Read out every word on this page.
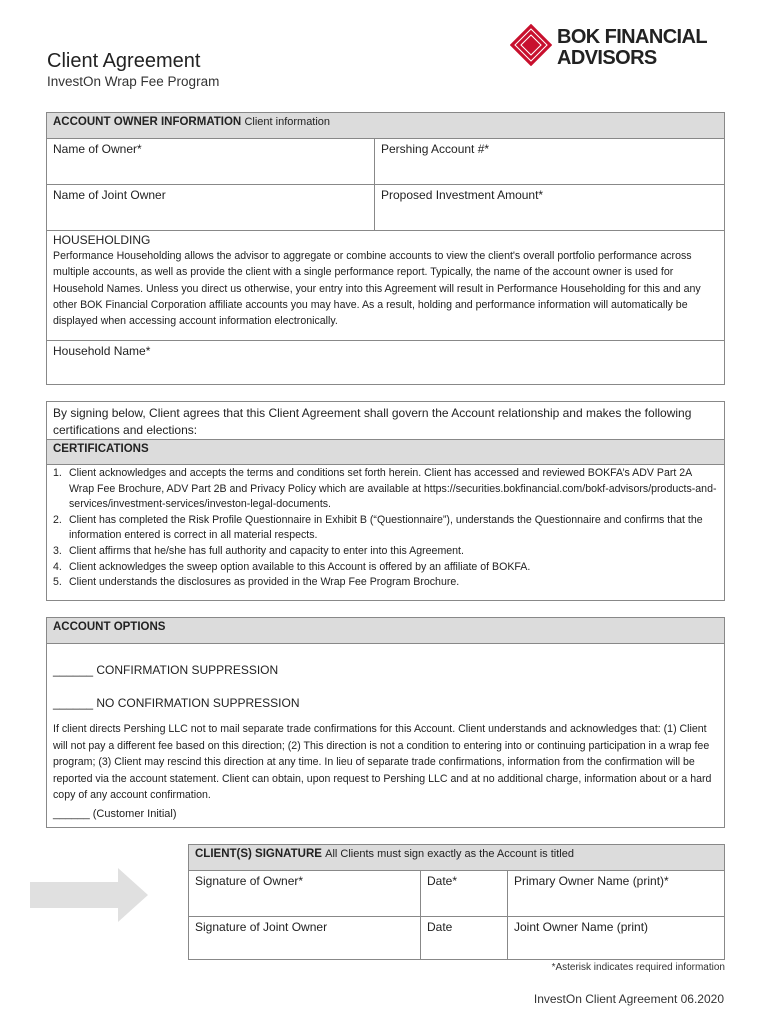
Client Agreement
InvestOn Wrap Fee Program
BOK FINANCIAL
ADVISORS
ACCOUNT OWNER INFORMATION Client information
Name of Owner*	Pershing Account #*
Name of Joint Owner	Proposed Investment Amount*
HOUSEHOLDING
Performance Householding allows the advisor to aggregate or combine accounts to view the client's overall portfolio performance across multiple accounts, as well as provide the client with a single performance report. Typically, the name of the account owner is used for Household Names. Unless you direct us otherwise, your entry into this Agreement will result in Performance Householding for this and any other BOK Financial Corporation affiliate accounts you may have. As a result, holding and performance information will automatically be displayed when accessing account information electronically.
Household Name*
By signing below, Client agrees that this Client Agreement shall govern the Account relationship and makes the following certifications and elections:
CERTIFICATIONS
1. Client acknowledges and accepts the terms and conditions set forth herein. Client has accessed and reviewed BOKFA’s ADV Part 2A Wrap Fee Brochure, ADV Part 2B and Privacy Policy which are available at https://securities.bokfinancial.com/bokf-advisors/products-and-services/investment-services/investon-legal-documents.
2. Client has completed the Risk Profile Questionnaire in Exhibit B (“Questionnaire”), understands the Questionnaire and confirms that the information entered is correct in all material respects.
3. Client affirms that he/she has full authority and capacity to enter into this Agreement.
4. Client acknowledges the sweep option available to this Account is offered by an affiliate of BOKFA.
5. Client understands the disclosures as provided in the Wrap Fee Program Brochure.
ACCOUNT OPTIONS
______ CONFIRMATION SUPPRESSION
______ NO CONFIRMATION SUPPRESSION
If client directs Pershing LLC not to mail separate trade confirmations for this Account. Client understands and acknowledges that: (1) Client will not pay a different fee based on this direction; (2) This direction is not a condition to entering into or continuing participation in a wrap fee program; (3) Client may rescind this direction at any time. In lieu of separate trade confirmations, information from the confirmation will be reported via the account statement. Client can obtain, upon request to Pershing LLC and at no additional charge, information about or a hard copy of any account confirmation.
______ (Customer Initial)
CLIENT(S) SIGNATURE All Clients must sign exactly as the Account is titled
Signature of Owner*	Date*	Primary Owner Name (print)*
Signature of Joint Owner	Date	Joint Owner Name (print)
*Asterisk indicates required information
InvestOn Client Agreement 06.2020
